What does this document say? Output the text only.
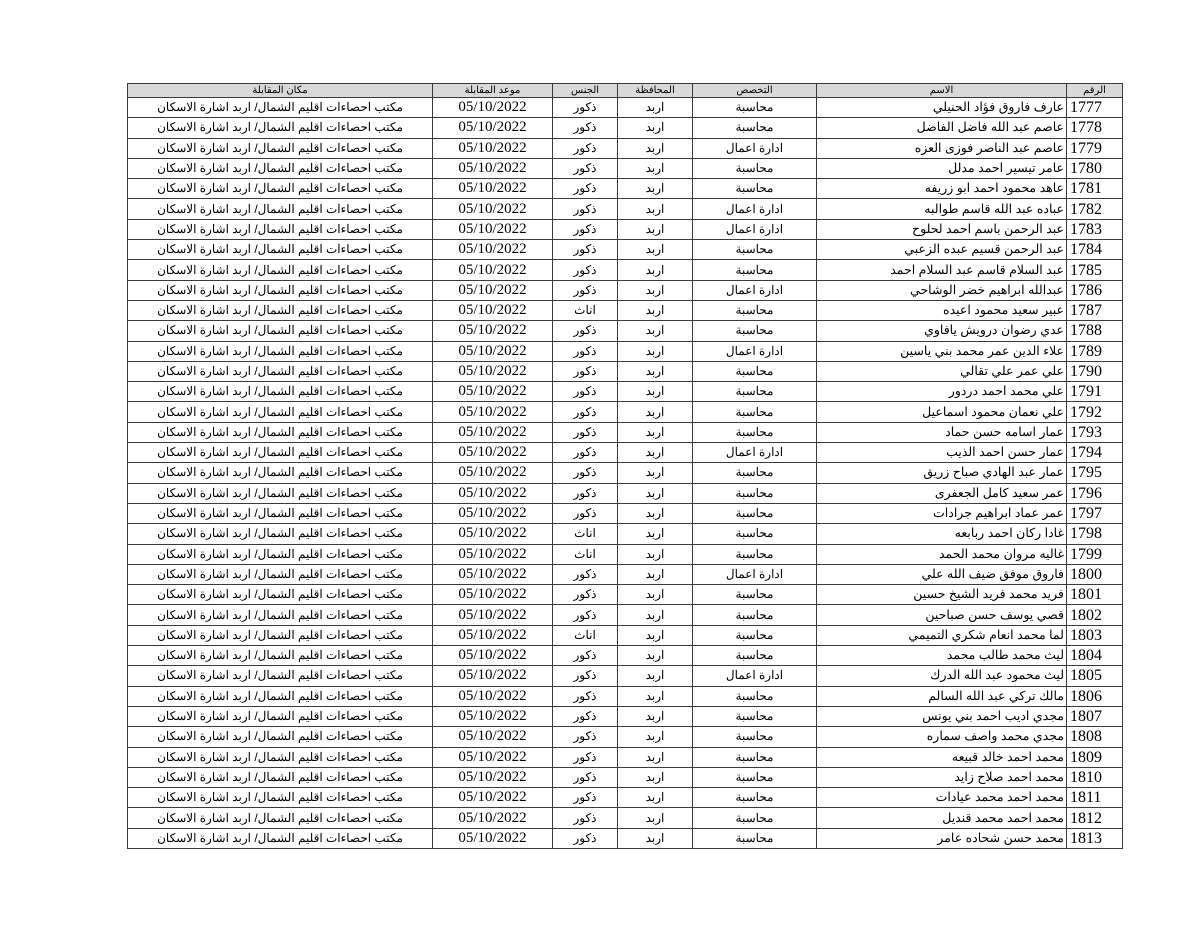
الرقم	الاسم	التخصص	المحافظة	الجنس	موعد المقابلة	مكان المقابلة
1777	عارف فاروق فؤاد الحنيلي	محاسبة	اربد	ذكور	05/10/2022	مكتب احصاءات اقليم الشمال/ اربد اشارة الاسكان
1778	عاصم عبد الله فاضل الفاضل	محاسبة	اربد	ذكور	05/10/2022	مكتب احصاءات اقليم الشمال/ اربد اشارة الاسكان
1779	عاصم عبد الناصر فوزى العزه	ادارة اعمال	اربد	ذكور	05/10/2022	مكتب احصاءات اقليم الشمال/ اربد اشارة الاسكان
1780	عامر تيسير احمد مدلل	محاسبة	اربد	ذكور	05/10/2022	مكتب احصاءات اقليم الشمال/ اربد اشارة الاسكان
1781	عاهد محمود احمد ابو زريفه	محاسبة	اربد	ذكور	05/10/2022	مكتب احصاءات اقليم الشمال/ اربد اشارة الاسكان
1782	عباده عبد الله قاسم طوالبه	ادارة اعمال	اربد	ذكور	05/10/2022	مكتب احصاءات اقليم الشمال/ اربد اشارة الاسكان
1783	عبد الرحمن باسم احمد لحلوح	ادارة اعمال	اربد	ذكور	05/10/2022	مكتب احصاءات اقليم الشمال/ اربد اشارة الاسكان
1784	عبد الرحمن قسيم عبده الزعبي	محاسبة	اربد	ذكور	05/10/2022	مكتب احصاءات اقليم الشمال/ اربد اشارة الاسكان
1785	عبد السلام قاسم عبد السلام احمد	محاسبة	اربد	ذكور	05/10/2022	مكتب احصاءات اقليم الشمال/ اربد اشارة الاسكان
1786	عبدالله ابراهيم خضر الوشاحي	ادارة اعمال	اربد	ذكور	05/10/2022	مكتب احصاءات اقليم الشمال/ اربد اشارة الاسكان
1787	عبير سعيد محمود اعيده	محاسبة	اربد	اناث	05/10/2022	مكتب احصاءات اقليم الشمال/ اربد اشارة الاسكان
1788	عدي رضوان درويش يافاوي	محاسبة	اربد	ذكور	05/10/2022	مكتب احصاءات اقليم الشمال/ اربد اشارة الاسكان
1789	علاء الدين عمر محمد بني ياسين	ادارة اعمال	اربد	ذكور	05/10/2022	مكتب احصاءات اقليم الشمال/ اربد اشارة الاسكان
1790	علي عمر علي تقالي	محاسبة	اربد	ذكور	05/10/2022	مكتب احصاءات اقليم الشمال/ اربد اشارة الاسكان
1791	علي محمد احمد دردور	محاسبة	اربد	ذكور	05/10/2022	مكتب احصاءات اقليم الشمال/ اربد اشارة الاسكان
1792	علي نعمان محمود اسماعيل	محاسبة	اربد	ذكور	05/10/2022	مكتب احصاءات اقليم الشمال/ اربد اشارة الاسكان
1793	عمار اسامه حسن حماد	محاسبة	اربد	ذكور	05/10/2022	مكتب احصاءات اقليم الشمال/ اربد اشارة الاسكان
1794	عمار حسن احمد الذيب	ادارة اعمال	اربد	ذكور	05/10/2022	مكتب احصاءات اقليم الشمال/ اربد اشارة الاسكان
1795	عمار عبد الهادي صباح زريق	محاسبة	اربد	ذكور	05/10/2022	مكتب احصاءات اقليم الشمال/ اربد اشارة الاسكان
1796	عمر سعيد كامل الجعفرى	محاسبة	اربد	ذكور	05/10/2022	مكتب احصاءات اقليم الشمال/ اربد اشارة الاسكان
1797	عمر عماد ابراهيم جرادات	محاسبة	اربد	ذكور	05/10/2022	مكتب احصاءات اقليم الشمال/ اربد اشارة الاسكان
1798	غادا ركان احمد ربابعه	محاسبة	اربد	اناث	05/10/2022	مكتب احصاءات اقليم الشمال/ اربد اشارة الاسكان
1799	غاليه مروان محمد الحمد	محاسبة	اربد	اناث	05/10/2022	مكتب احصاءات اقليم الشمال/ اربد اشارة الاسكان
1800	فاروق موفق ضيف الله علي	ادارة اعمال	اربد	ذكور	05/10/2022	مكتب احصاءات اقليم الشمال/ اربد اشارة الاسكان
1801	فريد محمد فريد الشيخ حسين	محاسبة	اربد	ذكور	05/10/2022	مكتب احصاءات اقليم الشمال/ اربد اشارة الاسكان
1802	قصي يوسف حسن صباحين	محاسبة	اربد	ذكور	05/10/2022	مكتب احصاءات اقليم الشمال/ اربد اشارة الاسكان
1803	لما محمد انعام شكري التميمي	محاسبة	اربد	اناث	05/10/2022	مكتب احصاءات اقليم الشمال/ اربد اشارة الاسكان
1804	ليث محمد طالب محمد	محاسبة	اربد	ذكور	05/10/2022	مكتب احصاءات اقليم الشمال/ اربد اشارة الاسكان
1805	ليث محمود عبد الله الدرك	ادارة اعمال	اربد	ذكور	05/10/2022	مكتب احصاءات اقليم الشمال/ اربد اشارة الاسكان
1806	مالك تركي عبد الله السالم	محاسبة	اربد	ذكور	05/10/2022	مكتب احصاءات اقليم الشمال/ اربد اشارة الاسكان
1807	مجدي اديب احمد بني يونس	محاسبة	اربد	ذكور	05/10/2022	مكتب احصاءات اقليم الشمال/ اربد اشارة الاسكان
1808	مجدي محمد واصف سماره	محاسبة	اربد	ذكور	05/10/2022	مكتب احصاءات اقليم الشمال/ اربد اشارة الاسكان
1809	محمد احمد خالد قبيعه	محاسبة	اربد	ذكور	05/10/2022	مكتب احصاءات اقليم الشمال/ اربد اشارة الاسكان
1810	محمد احمد صلاح زايد	محاسبة	اربد	ذكور	05/10/2022	مكتب احصاءات اقليم الشمال/ اربد اشارة الاسكان
1811	محمد احمد محمد عيادات	محاسبة	اربد	ذكور	05/10/2022	مكتب احصاءات اقليم الشمال/ اربد اشارة الاسكان
1812	محمد احمد محمد قنديل	محاسبة	اربد	ذكور	05/10/2022	مكتب احصاءات اقليم الشمال/ اربد اشارة الاسكان
1813	محمد حسن شحاده عامر	محاسبة	اربد	ذكور	05/10/2022	مكتب احصاءات اقليم الشمال/ اربد اشارة الاسكان
